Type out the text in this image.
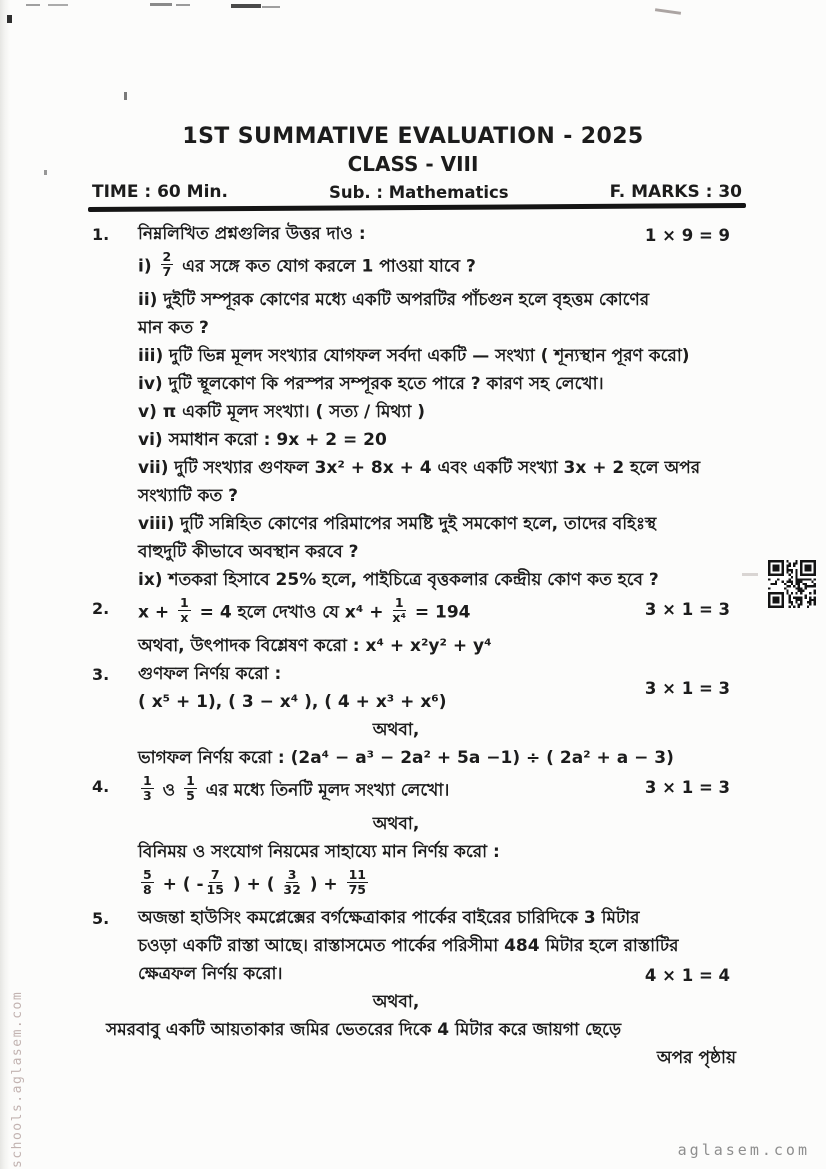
1ST SUMMATIVE EVALUATION - 2025
CLASS - VIII
TIME : 60 Min.	Sub. : Mathematics	F. MARKS : 30
1.	নিম্নলিখিত প্রশ্নগুলির উত্তর দাও :	1 × 9 = 9
$i) \frac{2}{7}$ এর সঙ্গে কত যোগ করলে 1 পাওয়া যাবে ?
ii) দুইটি সম্পূরক কোণের মধ্যে একটি অপরটির পাঁচগুন হলে বৃহত্তম কোণের
মান কত ?
iii) দুটি ভিন্ন মূলদ সংখ্যার যোগফল সর্বদা একটি — সংখ্যা ( শূন্যস্থান পূরণ করো)
iv) দুটি স্থূলকোণ কি পরস্পর সম্পূরক হতে পারে ? কারণ সহ লেখো।
v) π একটি মূলদ সংখ্যা। ( সত্য / মিথ্যা )
vi) সমাধান করো : 9x + 2 = 20
vii) দুটি সংখ্যার গুণফল 3x² + 8x + 4 এবং একটি সংখ্যা 3x + 2 হলে অপর
সংখ্যাটি কত ?
viii) দুটি সন্নিহিত কোণের পরিমাপের সমষ্টি দুই সমকোণ হলে, তাদের বহিঃস্থ
বাহুদুটি কীভাবে অবস্থান করবে ?
ix) শতকরা হিসাবে 25% হলে, পাইচিত্রে বৃত্তকলার কেন্দ্রীয় কোণ কত হবে ?
2.	$x + \frac{1}{x} = 4$ হলে দেখাও যে $x^4 + \frac{1}{\text{x⁴}} = 194$	3 × 1 = 3
অথবা, উৎপাদক বিশ্লেষণ করো : x⁴ + x²y² + y⁴
3.	গুণফল নির্ণয় করো :
3 × 1 = 3
( x⁵ + 1), ( 3 − x⁴ ), ( 4 + x³ + x⁶)
অথবা,
ভাগফল নির্ণয় করো : (2a⁴ − a³ − 2a² + 5a −1) ÷ ( 2a² + a − 3)
4.	$\frac{1}{3}$ ও $\frac{1}{5}$ এর মধ্যে তিনটি মূলদ সংখ্যা লেখো।	3 × 1 = 3
অথবা,
বিনিময় ও সংযোগ নিয়মের সাহায্যে মান নির্ণয় করো :
$\frac{5}{8}$ + ( - $\frac{7}{15}$ ) + ( $\frac{3}{32}$ ) + $\frac{11}{75}$
5.	অজন্তা হাউসিং কমপ্লেক্সের বর্গক্ষেত্রাকার পার্কের বাইরের চারিদিকে 3 মিটার
চওড়া একটি রাস্তা আছে। রাস্তাসমেত পার্কের পরিসীমা 484 মিটার হলে রাস্তাটির
ক্ষেত্রফল নির্ণয় করো।	4 × 1 = 4
অথবা,
সমরবাবু একটি আয়তাকার জমির ভেতরের দিকে 4 মিটার করে জায়গা ছেড়ে
অপর পৃষ্ঠায়
schools.aglasem.com	aglasem.com
